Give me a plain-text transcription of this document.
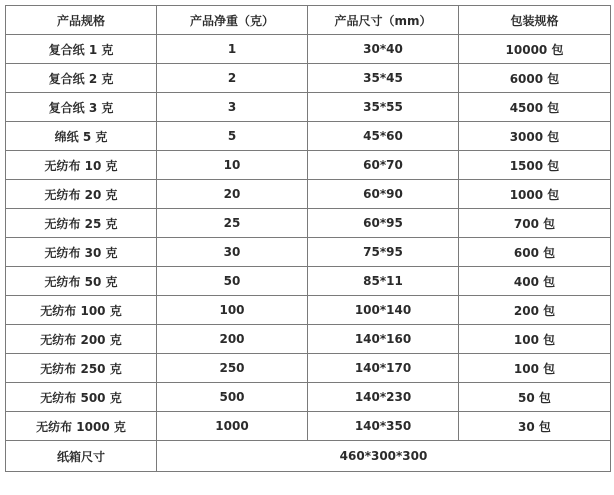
产品规格	产品净重（克）	产品尺寸（mm）	包装规格
复合纸 1 克	1	30*40	10000 包
复合纸 2 克	2	35*45	6000 包
复合纸 3 克	3	35*55	4500 包
绵纸 5 克	5	45*60	3000 包
无纺布 10 克	10	60*70	1500 包
无纺布 20 克	20	60*90	1000 包
无纺布 25 克	25	60*95	700 包
无纺布 30 克	30	75*95	600 包
无纺布 50 克	50	85*11	400 包
无纺布 100 克	100	100*140	200 包
无纺布 200 克	200	140*160	100 包
无纺布 250 克	250	140*170	100 包
无纺布 500 克	500	140*230	50 包
无纺布 1000 克	1000	140*350	30 包
纸箱尺寸	460*300*300		
